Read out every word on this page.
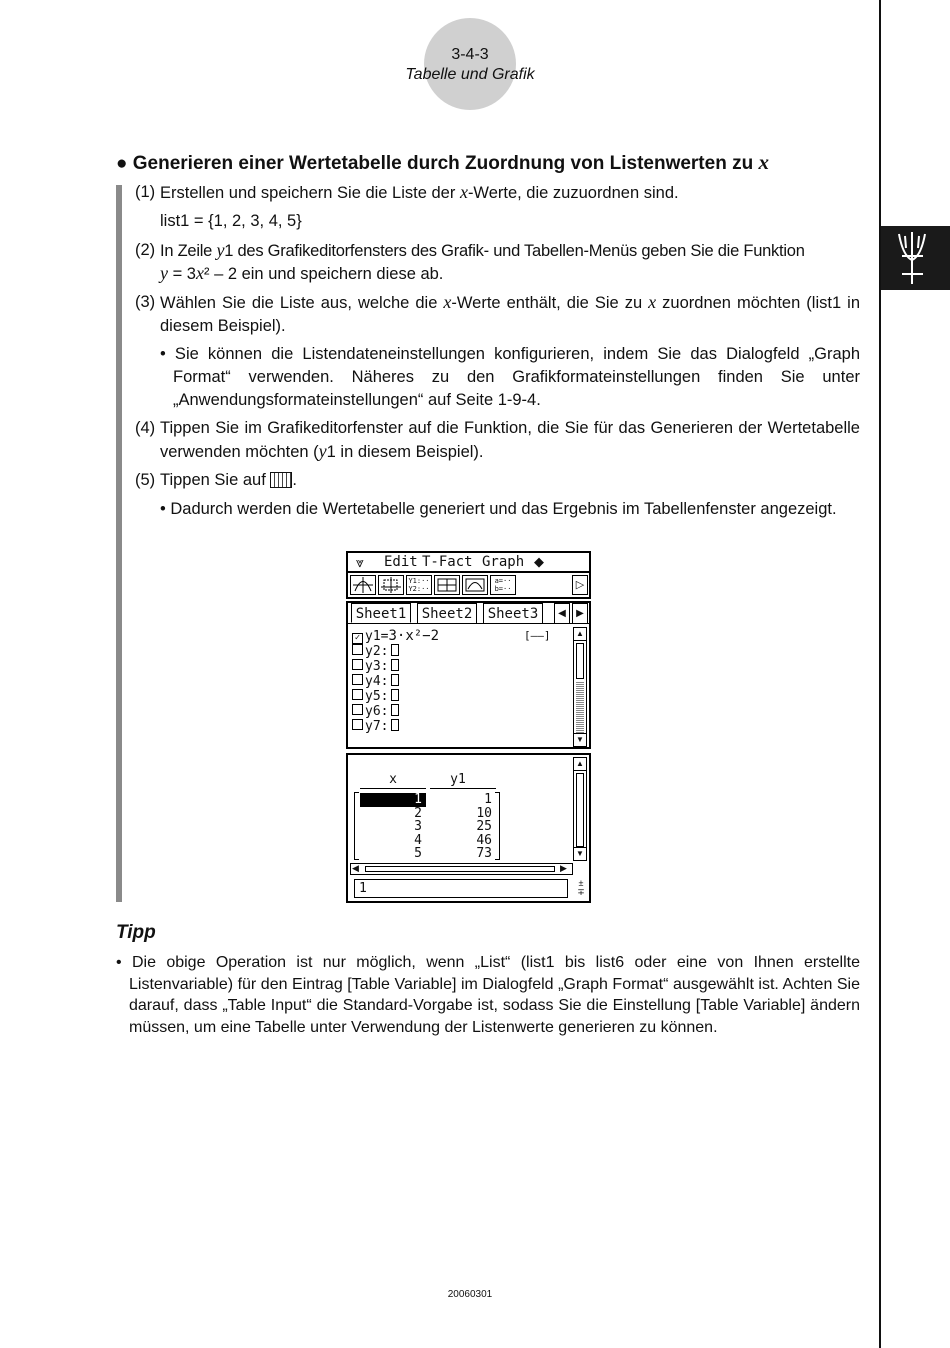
3-4-3
Tabelle und Grafik
● Generieren einer Wertetabelle durch Zuordnung von Listenwerten zu x
(1) Erstellen und speichern Sie die Liste der x-Werte, die zuzuordnen sind.
list1 = {1, 2, 3, 4, 5}
(2) In Zeile y1 des Grafikeditorfensters des Grafik- und Tabellen-Menüs geben Sie die Funktion
y = 3x² – 2 ein und speichern diese ab.
(3) Wählen Sie die Liste aus, welche die x-Werte enthält, die Sie zu x zuordnen möchten (list1 in diesem Beispiel).
• Sie können die Listendateneinstellungen konfigurieren, indem Sie das Dialogfeld „Graph Format“ verwenden. Näheres zu den Grafikformateinstellungen finden Sie unter „Anwendungsformateinstellungen“ auf Seite 1-9-4.
(4) Tippen Sie im Grafikeditorfenster auf die Funktion, die Sie für das Generieren der Wertetabelle verwenden möchten (y1 in diesem Beispiel).
(5) Tippen Sie auf .
• Dadurch werden die Wertetabelle generiert und das Ergebnis im Tabellenfenster angezeigt.
⩔ Edit T-Fact Graph ◆
Y1:··
Y2:··
a=··
b=··	▷
Sheet1	Sheet2	Sheet3	◀	▶
✓ y1=3·x²−2
y2:
y3:
y4:
y5:
y6:
y7:
[——]	▲
▼
x	y1
1	1
2	10
3	25
4	46
5	73
▲
▼
◀	▶
1	±
∓
Tipp
• Die obige Operation ist nur möglich, wenn „List“ (list1 bis list6 oder eine von Ihnen erstellte Listenvariable) für den Eintrag [Table Variable] im Dialogfeld „Graph Format“ ausgewählt ist. Achten Sie darauf, dass „Table Input“ die Standard-Vorgabe ist, sodass Sie die Einstellung [Table Variable] ändern müssen, um eine Tabelle unter Verwendung der Listenwerte generieren zu können.
20060301
